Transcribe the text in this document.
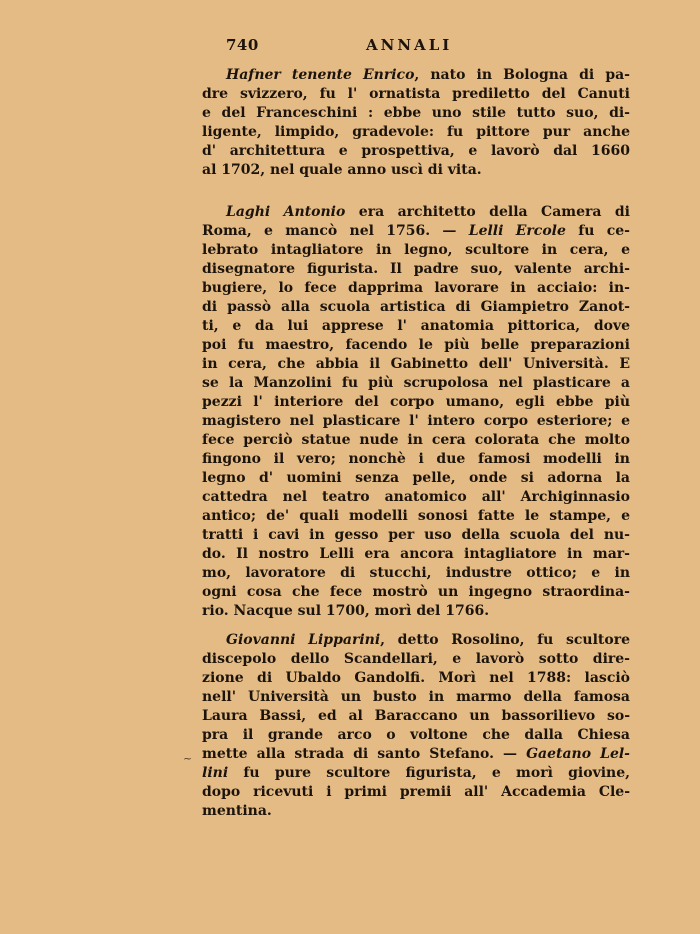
740	ANNALI
~
Hafner tenente Enrico, nato in Bologna di pa-
dre svizzero, fu l' ornatista prediletto del Canuti
e del Franceschini : ebbe uno stile tutto suo, di-
ligente, limpido, gradevole: fu pittore pur anche
d' architettura e prospettiva, e lavorò dal 1660
al 1702, nel quale anno uscì di vita.
Laghi Antonio era architetto della Camera di
Roma, e mancò nel 1756. — Lelli Ercole fu ce-
lebrato intagliatore in legno, scultore in cera, e
disegnatore figurista. Il padre suo, valente archi-
bugiere, lo fece dapprima lavorare in acciaio: in-
di passò alla scuola artistica di Giampietro Zanot-
ti, e da lui apprese l' anatomia pittorica, dove
poi fu maestro, facendo le più belle preparazioni
in cera, che abbia il Gabinetto dell' Università. E
se la Manzolini fu più scrupolosa nel plasticare a
pezzi l' interiore del corpo umano, egli ebbe più
magistero nel plasticare l' intero corpo esteriore; e
fece perciò statue nude in cera colorata che molto
fingono il vero; nonchè i due famosi modelli in
legno d' uomini senza pelle, onde si adorna la
cattedra nel teatro anatomico all' Archiginnasio
antico; de' quali modelli sonosi fatte le stampe, e
tratti i cavi in gesso per uso della scuola del nu-
do. Il nostro Lelli era ancora intagliatore in mar-
mo, lavoratore di stucchi, industre ottico; e in
ogni cosa che fece mostrò un ingegno straordina-
rio. Nacque sul 1700, morì del 1766.
Giovanni Lipparini, detto Rosolino, fu scultore
discepolo dello Scandellari, e lavorò sotto dire-
zione di Ubaldo Gandolfi. Morì nel 1788: lasciò
nell' Università un busto in marmo della famosa
Laura Bassi, ed al Baraccano un bassorilievo so-
pra il grande arco o voltone che dalla Chiesa
mette alla strada di santo Stefano. — Gaetano Lel-
lini fu pure scultore figurista, e morì giovine,
dopo ricevuti i primi premii all' Accademia Cle-
mentina.
